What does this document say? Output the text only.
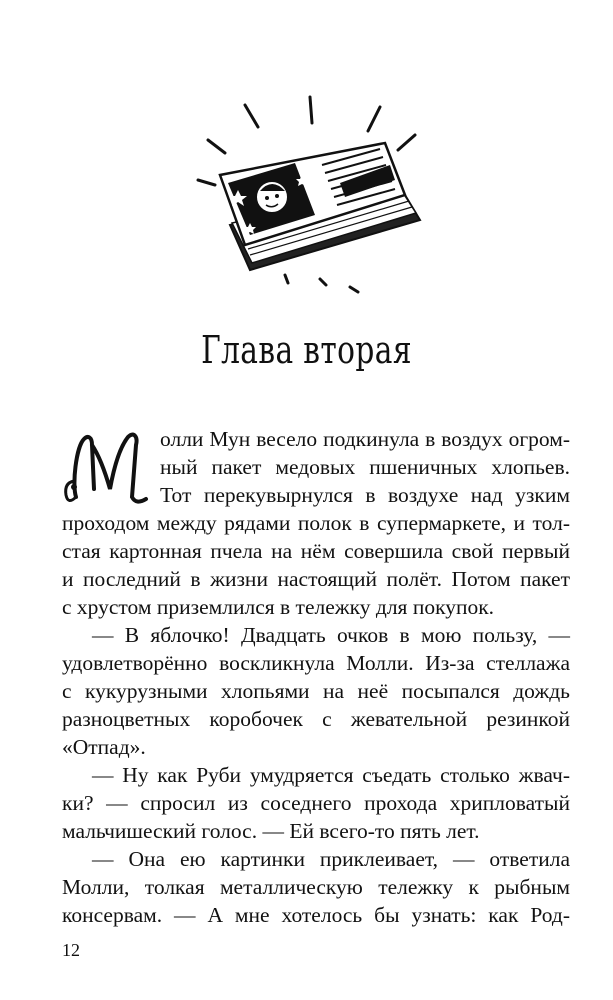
Глава вторая
олли Мун весело подкинула в воздух огром-
ный пакет медовых пшеничных хлопьев.
Тот перекувырнулся в воздухе над узким
проходом между рядами полок в супермаркете, и тол-
стая картонная пчела на нём совершила свой первый
и последний в жизни настоящий полёт. Потом пакет
с хрустом приземлился в тележку для покупок.
— В яблочко! Двадцать очков в мою пользу, —
удовлетворённо воскликнула Молли. Из-за стеллажа
с кукурузными хлопьями на неё посыпался дождь
разноцветных коробочек с жевательной резинкой
«Отпад».
— Ну как Руби умудряется съедать столько жвач-
ки? — спросил из соседнего прохода хрипловатый
мальчишеский голос. — Ей всего-то пять лет.
— Она ею картинки приклеивает, — ответила
Молли, толкая металлическую тележку к рыбным
консервам. — А мне хотелось бы узнать: как Род-
12
